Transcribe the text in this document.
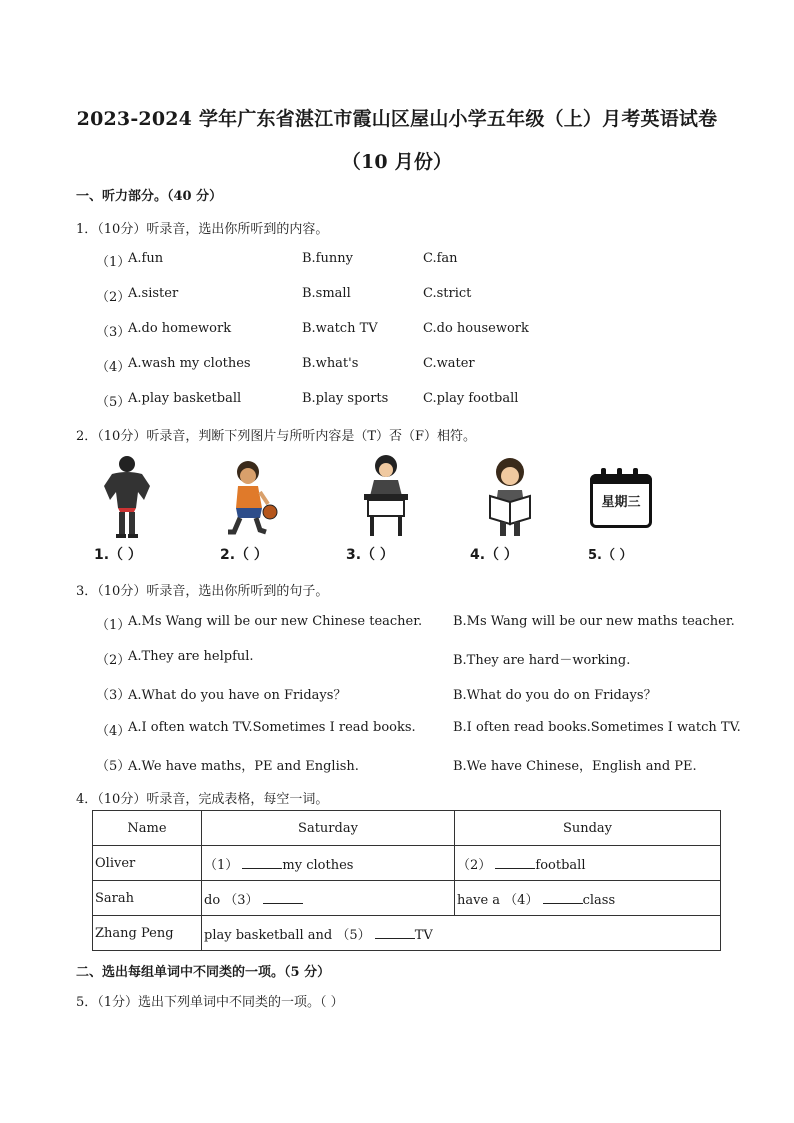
2023-2024 学年广东省湛江市霞山区屋山小学五年级（上）月考英语试卷
（10 月份）
一、听力部分。（40 分）
1．（10分）听录音，选出你所听到的内容。
（1）
A.fun	B.funny	C.fan
（2）
A.sister	B.small	C.strict
（3）
A.do homework	B.watch TV	C.do housework
（4）
A.wash my clothes	B.what's	C.water
（5）
A.play basketball	B.play sports	C.play football
2．（10分）听录音，判断下列图片与所听内容是（T）否（F）相符。
1.（ ）	2.（ ）	3.（ ）	4.（ ）
星期三
5.（ ）
3．（10分）听录音，选出你所听到的句子。
（1）
A.Ms Wang will be our new Chinese teacher. B.Ms Wang will be our new maths teacher.
（2）
A.They are helpful.	B.They are hard－working.
（3）
A.What do you have on Fridays？	B.What do you do on Fridays？
（4）
A.I often watch TV.Sometimes I read books.	B.I often read books.Sometimes I watch TV.
（5）
A.We have maths，PE and English.	B.We have Chinese，English and PE.
4．（10分）听录音，完成表格，每空一词。
Name	Saturday	Sunday
Oliver	（1） my clothes	（2） football
Sarah	do （3）	have a （4） class
Zhang Peng	play basketball and （5） TV	
二、选出每组单词中不同类的一项。（5 分）
5．（1分）选出下列单词中不同类的一项。（ ）
